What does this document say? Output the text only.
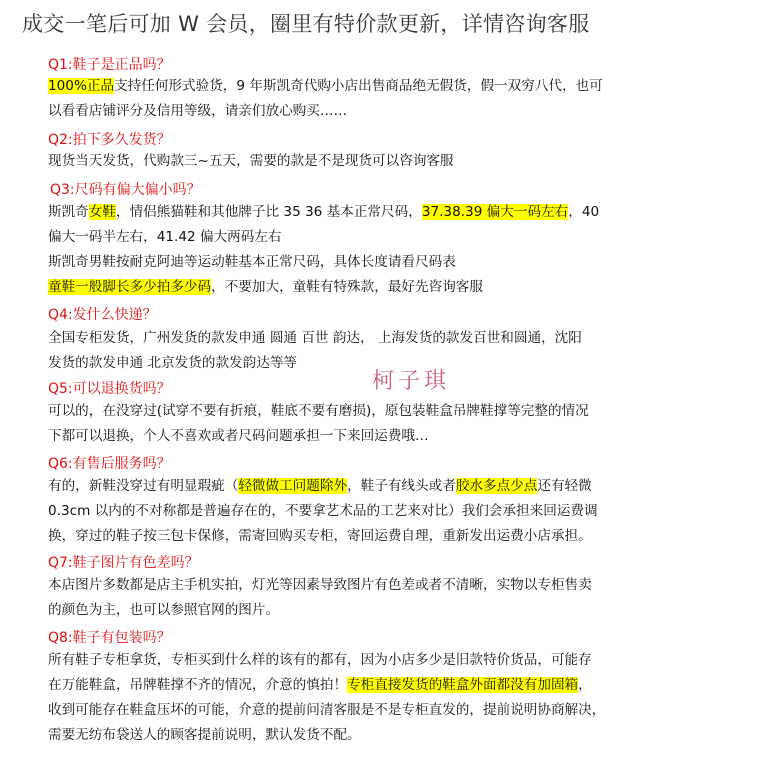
成交一笔后可加 W 会员，圈里有特价款更新，详情咨询客服
Q1:鞋子是正品吗？
100%正品支持任何形式验货，9 年斯凯奇代购小店出售商品绝无假货，假一双穷八代，也可
以看看店铺评分及信用等级，请亲们放心购买……
Q2:拍下多久发货？
现货当天发货，代购款三~五天，需要的款是不是现货可以咨询客服
Q3:尺码有偏大偏小吗？
斯凯奇女鞋，情侣熊猫鞋和其他牌子比 35 36 基本正常尺码，37.38.39 偏大一码左右，40
偏大一码半左右，41.42 偏大两码左右
斯凯奇男鞋按耐克阿迪等运动鞋基本正常尺码，具体长度请看尺码表
童鞋一般脚长多少拍多少码，不要加大，童鞋有特殊款，最好先咨询客服
Q4:发什么快递？
全国专柜发货，广州发货的款发申通 圆通 百世 韵达， 上海发货的款发百世和圆通，沈阳
发货的款发申通 北京发货的款发韵达等等
Q5:可以退换货吗？
可以的，在没穿过(试穿不要有折痕，鞋底不要有磨损)，原包装鞋盒吊牌鞋撑等完整的情况
下都可以退换，个人不喜欢或者尺码问题承担一下来回运费哦…
Q6:有售后服务吗？
有的，新鞋没穿过有明显瑕疵（轻微做工问题除外，鞋子有线头或者胶水多点少点还有轻微
0.3cm 以内的不对称都是普遍存在的，不要拿艺术品的工艺来对比）我们会承担来回运费调
换，穿过的鞋子按三包卡保修，需寄回购买专柜，寄回运费自理，重新发出运费小店承担。
Q7:鞋子图片有色差吗？
本店图片多数都是店主手机实拍，灯光等因素导致图片有色差或者不清晰，实物以专柜售卖
的颜色为主，也可以参照官网的图片。
Q8:鞋子有包装吗？
所有鞋子专柜拿货，专柜买到什么样的该有的都有，因为小店多少是旧款特价货品，可能存
在万能鞋盒，吊牌鞋撑不齐的情况，介意的慎拍！专柜直接发货的鞋盒外面都没有加固箱，
收到可能存在鞋盒压坏的可能，介意的提前问清客服是不是专柜直发的，提前说明协商解决，
需要无纺布袋送人的顾客提前说明，默认发货不配。
柯子琪
